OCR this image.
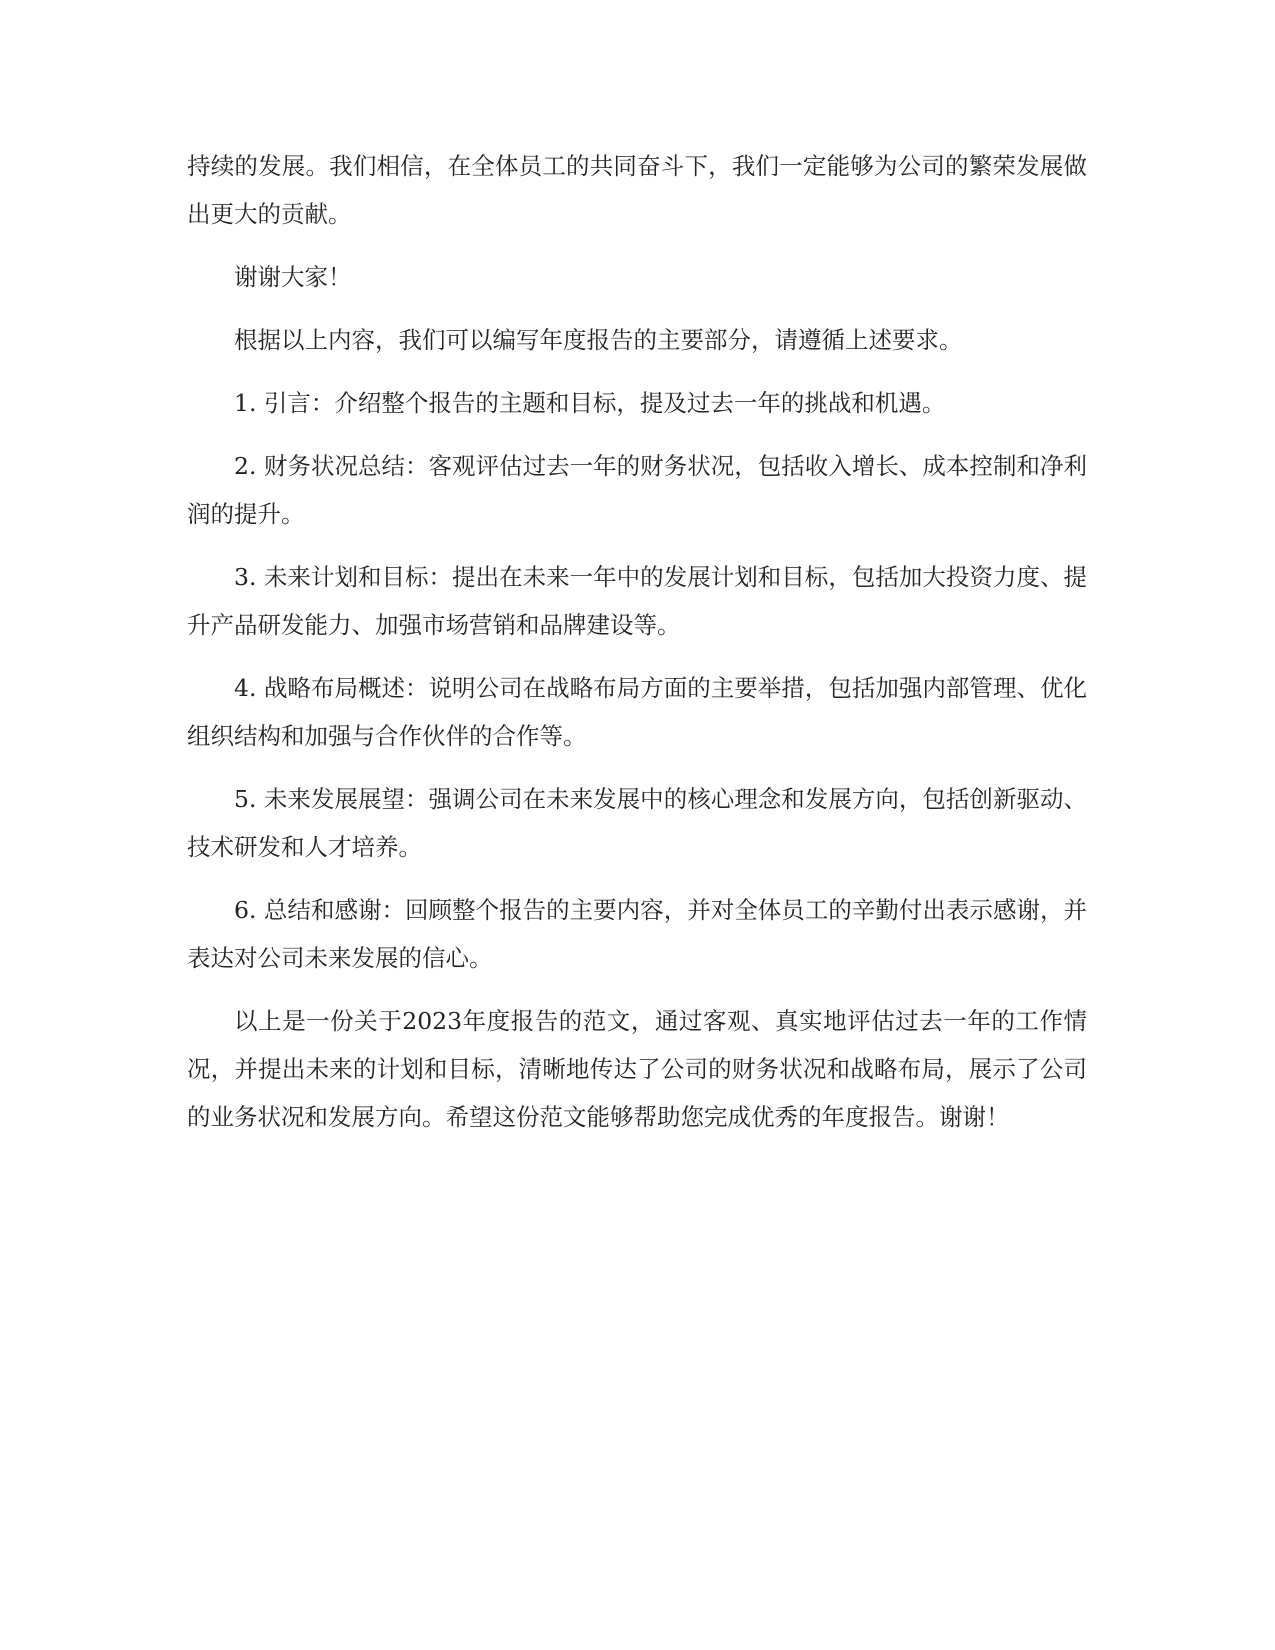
持续的发展。我们相信，在全体员工的共同奋斗下，我们一定能够为公司的繁荣发展做出更大的贡献。

谢谢大家！

根据以上内容，我们可以编写年度报告的主要部分，请遵循上述要求。

1. 引言：介绍整个报告的主题和目标，提及过去一年的挑战和机遇。

2. 财务状况总结：客观评估过去一年的财务状况，包括收入增长、成本控制和净利润的提升。

3. 未来计划和目标：提出在未来一年中的发展计划和目标，包括加大投资力度、提升产品研发能力、加强市场营销和品牌建设等。

4. 战略布局概述：说明公司在战略布局方面的主要举措，包括加强内部管理、优化组织结构和加强与合作伙伴的合作等。

5. 未来发展展望：强调公司在未来发展中的核心理念和发展方向，包括创新驱动、技术研发和人才培养。

6. 总结和感谢：回顾整个报告的主要内容，并对全体员工的辛勤付出表示感谢，并表达对公司未来发展的信心。

以上是一份关于2023年度报告的范文，通过客观、真实地评估过去一年的工作情况，并提出未来的计划和目标，清晰地传达了公司的财务状况和战略布局，展示了公司的业务状况和发展方向。希望这份范文能够帮助您完成优秀的年度报告。谢谢！
